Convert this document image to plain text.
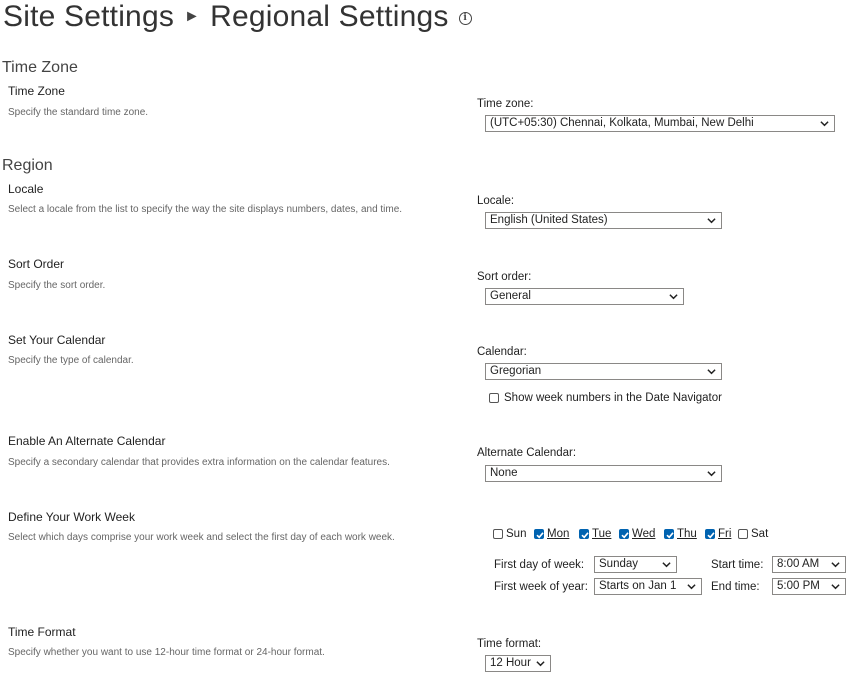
Site Settings ► Regional Settings i
Time Zone
Time Zone
Specify the standard time zone.
Time zone:
(UTC+05:30) Chennai, Kolkata, Mumbai, New Delhi
Region
Locale
Select a locale from the list to specify the way the site displays numbers, dates, and time.
Locale:
English (United States)
Sort Order
Specify the sort order.
Sort order:
General
Set Your Calendar
Specify the type of calendar.
Calendar:
Gregorian
Show week numbers in the Date Navigator
Enable An Alternate Calendar
Specify a secondary calendar that provides extra information on the calendar features.
Alternate Calendar:
None
Define Your Work Week
Select which days comprise your work week and select the first day of each work week.	Sun Mon Tue Wed Thu Fri Sat
First day of week:	Sunday	Start time:	8:00 AM
First week of year: Starts on Jan 1	End time:	5:00 PM
Time Format
Specify whether you want to use 12-hour time format or 24-hour format.
Time format:
12 Hour
